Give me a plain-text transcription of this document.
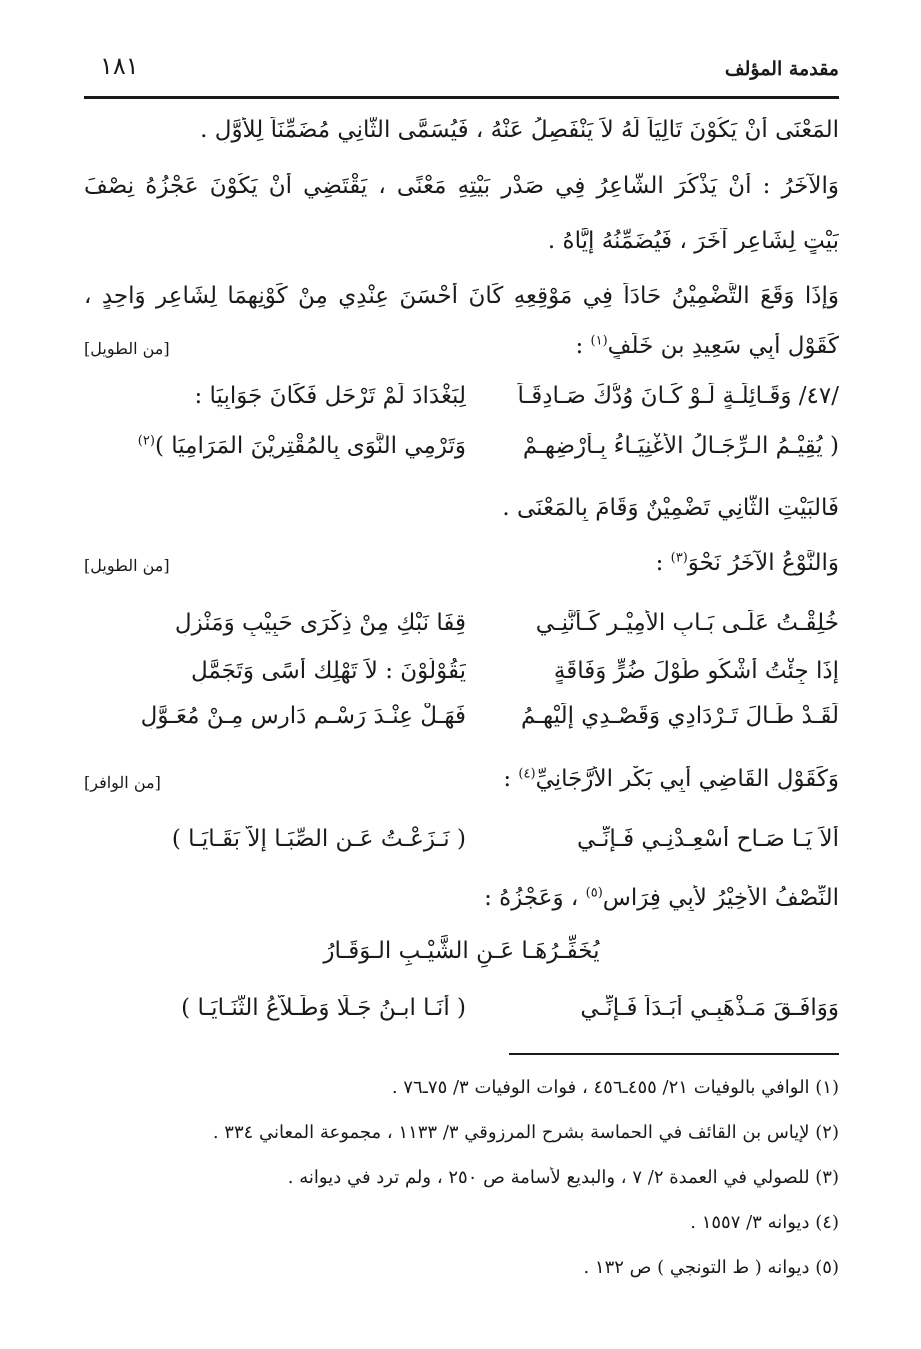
مقدمة المؤلف
١٨١
المَعْنَى أَنْ يَكُوْنَ تَالِيَاً لَهُ لاَ يَنْفَصِلُ عَنْهُ ، فَيُسَمَّى الثَّانِي مُضَمِّنَاً لِلأَوَّلِ .
وَالآخَرُ : أَنْ يَذْكُرَ الشَّاعِرُ فِي صَدْرِ بَيْتِهِ مَعْنًى ، يَقْتَضِي أَنْ يَكُوْنَ عَجْزُهُ نِصْفَ
بَيْتٍ لِشَاعِرٍ آخَرَ ، فَيُضَمِّنُهُ إِيَّاهُ .
وَإِذَا وَقَعَ التَّضْمِيْنُ حَادَاً فِي مَوْقِعِهِ كَانَ أَحْسَنَ عِنْدِي مِنْ كَوْنِهِمَا لِشَاعِرٍ وَاحِدٍ ،
كَقَوْلِ أَبِي سَعِيدِ بن خَلَفٍ$^{(١)}$ :
[من الطويل]
/٤٧/ وَقَـائِلَـةٍ لَـوْ كَـانَ وُدُّكَ صَـادِقَـاً
لِبَغْدَادَ لَمْ تَرْحَل فَكَانَ جَوَابِيَا :
( يُقِيْـمُ الـرِّجَـالُ الأَغْنِيَـاءُ بِـأَرْضِهِـمْ
وَتَرْمِي النَّوَى بِالمُقْتِرِيْنَ المَرَامِيَا )$^{(٢)}$
فَالبَيْتِ الثَّانِي تَضْمِيْنٌ وَقَامَ بِالمَعْنَى .
وَالنَّوْعُ الآخَرُ نَحْوَ$^{(٣)}$ :
[من الطويل]
خُلِقْـتُ عَلَـى بَـابِ الأَمِيْـرِ كَـأَنَّنِـي
قِفَا نَبْكِ مِنْ ذِكْرَى حَبِيْبٍ وَمَنْزِلِ
إِذَا جِئْتُ أَشْكُو طُوْلَ ضُرٍّ وَفَاقَةٍ
يَقُوْلُوْنَ : لاَ تَهْلِك أَسًى وَتَجَمَّلِ
لَقَـدْ طَـالَ تَـرْدَادِي وَقَصْـدِي إِلَيْهِـمُ
فَهَـلْ عِنْـدَ رَسْـمٍ دَارِسٍ مِـنْ مُعَـوَّلِ
وَكَقَوْلِ القَاضِي أَبِي بَكْرٍ الأَرَّجَانِيِّ$^{(٤)}$ :
[من الوافر]
أَلاَ يَـا صَـاحِ أَسْعِـدْنِـي فَـإِنِّـي
( نَـزَعْـتُ عَـنِ الصِّبَـا إِلاَّ بَقَـايَـا )
النِّصْفُ الأَخِيْرُ لأَبِي فِرَاسٍ$^{(٥)}$ ، وَعَجْزُهُ :
يُخَفِّـرُهَـا عَـنِ الشَّيْـبِ الـوَقَـارُ
وَوَافَـقَ مَـذْهَبِـي أَبَـدَاً فَـإِنِّـي
( أَنَـا ابـنُ جَـلَا وَطَـلاَّعُ الثَّنَـايَـا )
(١) الوافي بالوفيات ٢١/ ٤٥٥ـ٤٥٦ ، فوات الوفيات ٣/ ٧٥ـ٧٦ .
(٢) لإياس بن القائف في الحماسة بشرح المرزوقي ٣/ ١١٣٣ ، مجموعة المعاني ٣٣٤ .
(٣) للصولي في العمدة ٢/ ٧ ، والبديع لأسامة ص ٢٥٠ ، ولم ترد في ديوانه .
(٤) ديوانه ٣/ ١٥٥٧ .
(٥) ديوانه ( ط التونجي ) ص ١٣٢ .
